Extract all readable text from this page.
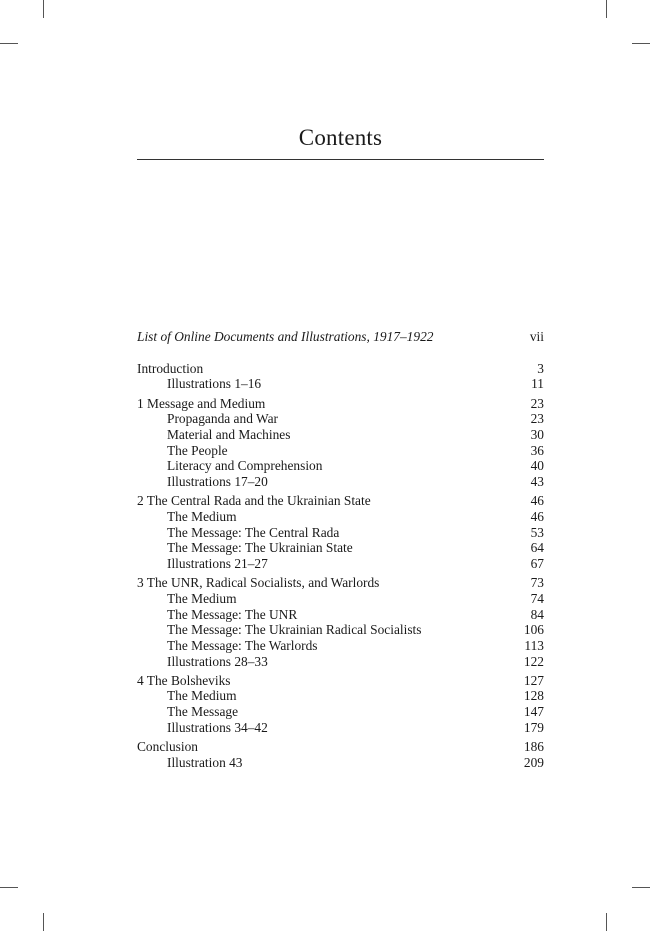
Contents
List of Online Documents and Illustrations, 1917–1922	vii
Introduction	3
Illustrations 1–16	11
1 Message and Medium	23
Propaganda and War	23
Material and Machines	30
The People	36
Literacy and Comprehension	40
Illustrations 17–20	43
2 The Central Rada and the Ukrainian State	46
The Medium	46
The Message: The Central Rada	53
The Message: The Ukrainian State	64
Illustrations 21–27	67
3 The UNR, Radical Socialists, and Warlords	73
The Medium	74
The Message: The UNR	84
The Message: The Ukrainian Radical Socialists	106
The Message: The Warlords	113
Illustrations 28–33	122
4 The Bolsheviks	127
The Medium	128
The Message	147
Illustrations 34–42	179
Conclusion	186
Illustration 43	209
